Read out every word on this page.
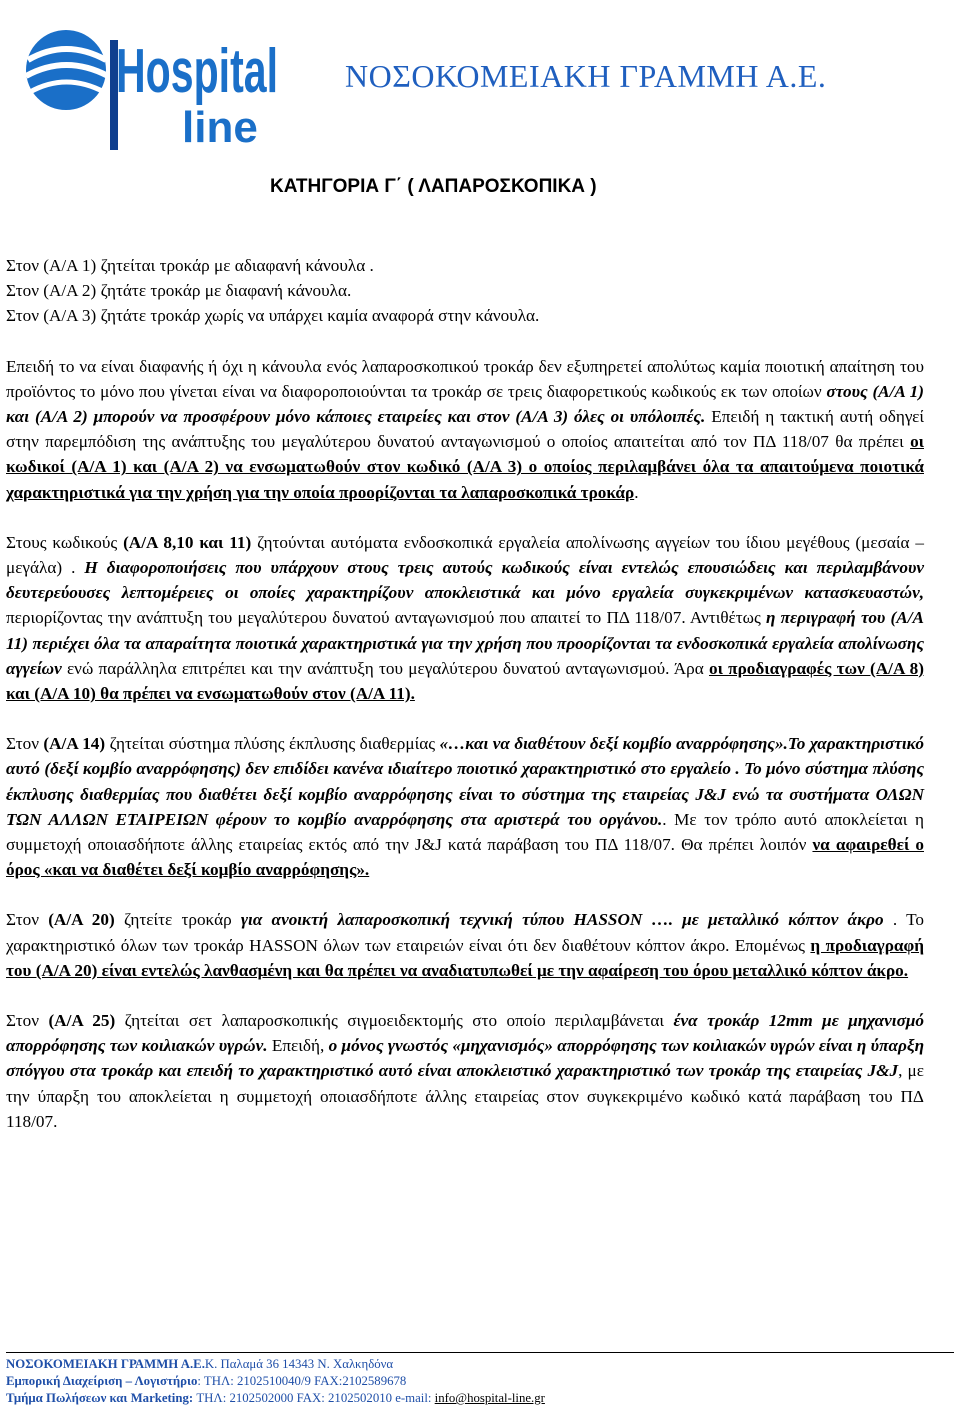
Hospital
line
ΝΟΣΟΚΟΜΕΙΑΚΗ ΓΡΑΜΜΗ Α.Ε.
ΚΑΤΗΓΟΡΙΑ Γ΄ ( ΛΑΠΑΡΟΣΚΟΠΙΚΑ )

Στον (Α/Α 1) ζητείται τροκάρ με αδιαφανή κάνουλα .

Στον (Α/Α 2) ζητάτε τροκάρ με διαφανή κάνουλα.

Στον (Α/Α 3) ζητάτε τροκάρ χωρίς να υπάρχει καμία αναφορά στην κάνουλα.

Επειδή το να είναι διαφανής ή όχι η κάνουλα ενός λαπαροσκοπικού τροκάρ δεν εξυπηρετεί απολύτως καμία ποιοτική απαίτηση του προϊόντος το μόνο που γίνεται είναι να διαφοροποιούνται τα τροκάρ σε τρεις διαφορετικούς κωδικούς εκ των οποίων στους (Α/Α 1) και (Α/Α 2) μπορούν να προσφέρουν μόνο κάποιες εταιρείες και στον (Α/Α 3) όλες οι υπόλοιπές. Επειδή η τακτική αυτή οδηγεί στην παρεμπόδιση της ανάπτυξης του μεγαλύτερου δυνατού ανταγωνισμού ο οποίος απαιτείται από τον ΠΔ 118/07 θα πρέπει οι κωδικοί (Α/Α 1) και (Α/Α 2) να ενσωματωθούν στον κωδικό (Α/Α 3) ο οποίος περιλαμβάνει όλα τα απαιτούμενα ποιοτικά χαρακτηριστικά για την χρήση για την οποία προορίζονται τα λαπαροσκοπικά τροκάρ.

Στους κωδικούς (Α/Α 8,10 και 11) ζητούνται αυτόματα ενδοσκοπικά εργαλεία απολίνωσης αγγείων του ίδιου μεγέθους (μεσαία –μεγάλα) . Η διαφοροποιήσεις που υπάρχουν στους τρεις αυτούς κωδικούς είναι εντελώς επουσιώδεις και περιλαμβάνουν δευτερεύουσες λεπτομέρειες οι οποίες χαρακτηρίζουν αποκλειστικά και μόνο εργαλεία συγκεκριμένων κατασκευαστών, περιορίζοντας την ανάπτυξη του μεγαλύτερου δυνατού ανταγωνισμού που απαιτεί το ΠΔ 118/07. Αντιθέτως η περιγραφή του (Α/Α 11) περιέχει όλα τα απαραίτητα ποιοτικά χαρακτηριστικά για την χρήση που προορίζονται τα ενδοσκοπικά εργαλεία απολίνωσης αγγείων ενώ παράλληλα επιτρέπει και την ανάπτυξη του μεγαλύτερου δυνατού ανταγωνισμού. Άρα οι προδιαγραφές των (Α/Α 8) και (Α/Α 10) θα πρέπει να ενσωματωθούν στον (Α/Α 11).

Στον (Α/Α 14) ζητείται σύστημα πλύσης έκπλυσης διαθερμίας «…και να διαθέτουν δεξί κομβίο αναρρόφησης».Το χαρακτηριστικό αυτό (δεξί κομβίο αναρρόφησης) δεν επιδίδει κανένα ιδιαίτερο ποιοτικό χαρακτηριστικό στο εργαλείο . Το μόνο σύστημα πλύσης έκπλυσης διαθερμίας που διαθέτει δεξί κομβίο αναρρόφησης είναι το σύστημα της εταιρείας J&J ενώ τα συστήματα ΟΛΩΝ ΤΩΝ ΑΛΛΩΝ ΕΤΑΙΡΕΙΩΝ φέρουν το κομβίο αναρρόφησης στα αριστερά του οργάνου.. Με τον τρόπο αυτό αποκλείεται η συμμετοχή οποιασδήποτε άλλης εταιρείας εκτός από την J&J κατά παράβαση του ΠΔ 118/07. Θα πρέπει λοιπόν να αφαιρεθεί ο όρος «και να διαθέτει δεξί κομβίο αναρρόφησης».

Στον (Α/Α 20) ζητείτε τροκάρ για ανοικτή λαπαροσκοπική τεχνική τύπου HASSON …. με μεταλλικό κόπτον άκρο . Το χαρακτηριστικό όλων των τροκάρ HASSON όλων των εταιρειών είναι ότι δεν διαθέτουν κόπτον άκρο. Επομένως η προδιαγραφή του (Α/Α 20) είναι εντελώς λανθασμένη και θα πρέπει να αναδιατυπωθεί με την αφαίρεση του όρου μεταλλικό κόπτον άκρο.

Στον (Α/Α 25) ζητείται σετ λαπαροσκοπικής σιγμοειδεκτομής στο οποίο περιλαμβάνεται ένα τροκάρ 12mm με μηχανισμό απορρόφησης των κοιλιακών υγρών. Επειδή, ο μόνος γνωστός «μηχανισμός» απορρόφησης των κοιλιακών υγρών είναι η ύπαρξη σπόγγου στα τροκάρ και επειδή το χαρακτηριστικό αυτό είναι αποκλειστικό χαρακτηριστικό των τροκάρ της εταιρείας J&J, με την ύπαρξη του αποκλείεται η συμμετοχή οποιασδήποτε άλλης εταιρείας στον συγκεκριμένο κωδικό κατά παράβαση του ΠΔ 118/07.

ΝΟΣΟΚΟΜΕΙΑΚΗ ΓΡΑΜΜΗ Α.Ε.Κ. Παλαμά 36 14343 Ν. Χαλκηδόνα
Εμπορική Διαχείριση – Λογιστήριο: ΤΗΛ: 2102510040/9 FAX:2102589678
Τμήμα Πωλήσεων και Marketing: ΤΗΛ: 2102502000 FAX: 2102502010 e-mail: info@hospital-line.gr
